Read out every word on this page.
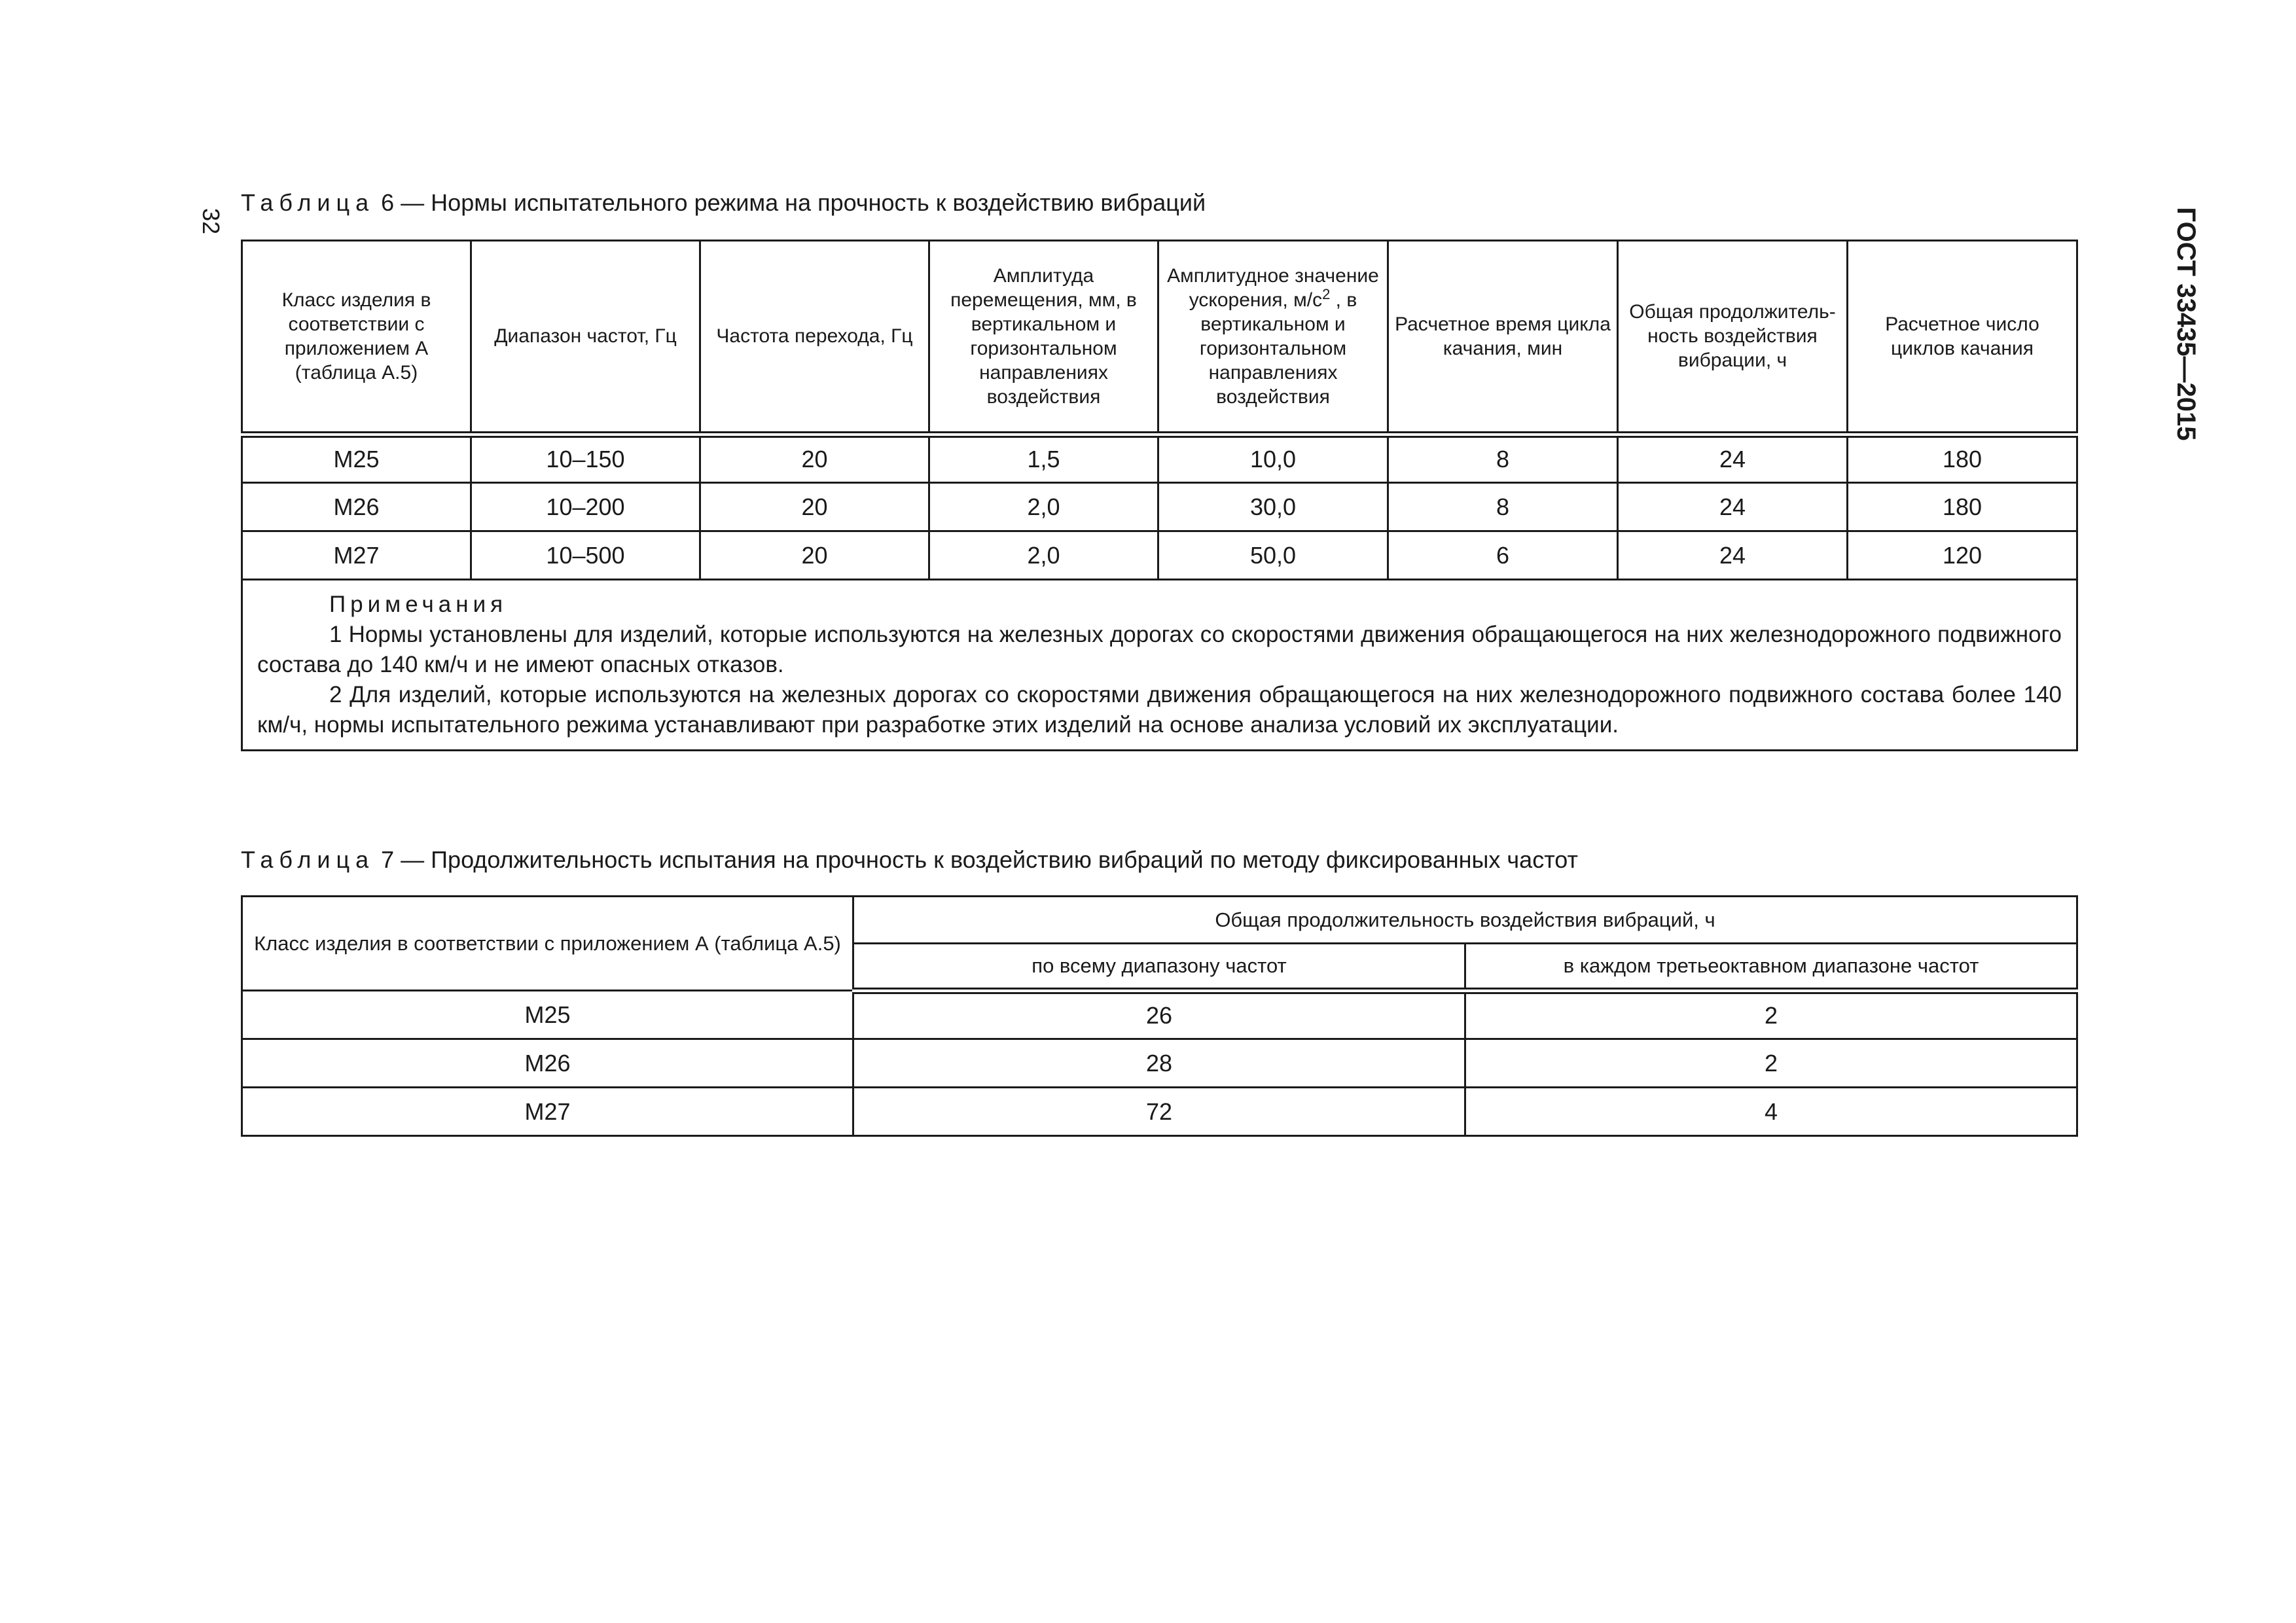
32	ГОСТ 33435—2015
Таблица 6 — Нормы испытательного режима на прочность к воздействию вибраций
Класс изделия в соответствии с приложением А (таблица А.5)	Диапазон частот, Гц	Частота перехода, Гц	Амплитуда перемещения, мм, в вертикальном и горизонтальном направлениях воздействия	Амплитудное значение ускорения, $м/с^2$ , в вертикальном и горизонтальном направлениях воздействия	Расчетное время цикла качания, мин	Общая продолжитель-ность воздействия вибрации, ч	Расчетное число циклов качания
М25	10–150	20	1,5	10,0	8	24	180
М26	10–200	20	2,0	30,0	8	24	180
М27	10–500	20	2,0	50,0	6	24	120

Примечания
1 Нормы установлены для изделий, которые используются на железных дорогах со скоростями движения обращающегося на них железнодорожного подвижного состава до 140 км/ч и не имеют опасных отказов.
2 Для изделий, которые используются на железных дорогах со скоростями движения обращающегося на них железнодорожного подвижного состава более 140 км/ч, нормы испытательного режима устанавливают при разработке этих изделий на основе анализа условий их эксплуатации.							
Таблица 7 — Продолжительность испытания на прочность к воздействию вибраций по методу фиксированных частот
Класс изделия в соответствии с приложением А (таблица А.5)	Общая продолжительность воздействия вибраций, ч	
	по всему диапазону частот	в каждом третьеоктавном диапазоне частот
М25	26	2
М26	28	2
М27	72	4
